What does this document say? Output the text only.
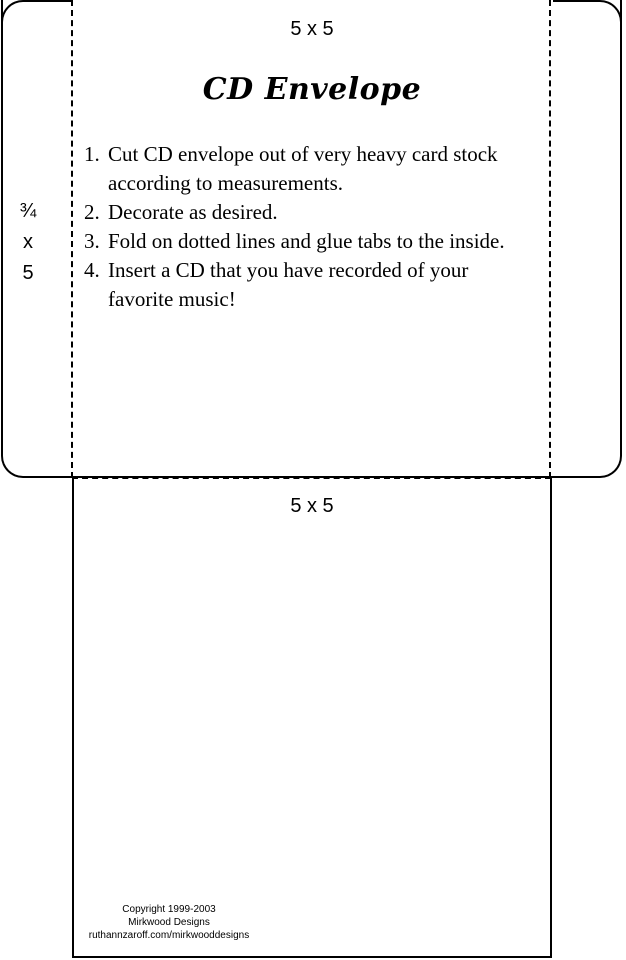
5 x 5
¾
x
5
CD Envelope
1. Cut CD envelope out of very heavy card stock according to measurements.
2. Decorate as desired.
3. Fold on dotted lines and glue tabs to the inside.
4. Insert a CD that you have recorded of your favorite music!
5 x 5
Copyright 1999-2003
Mirkwood Designs
ruthannzaroff.com/mirkwooddesigns
